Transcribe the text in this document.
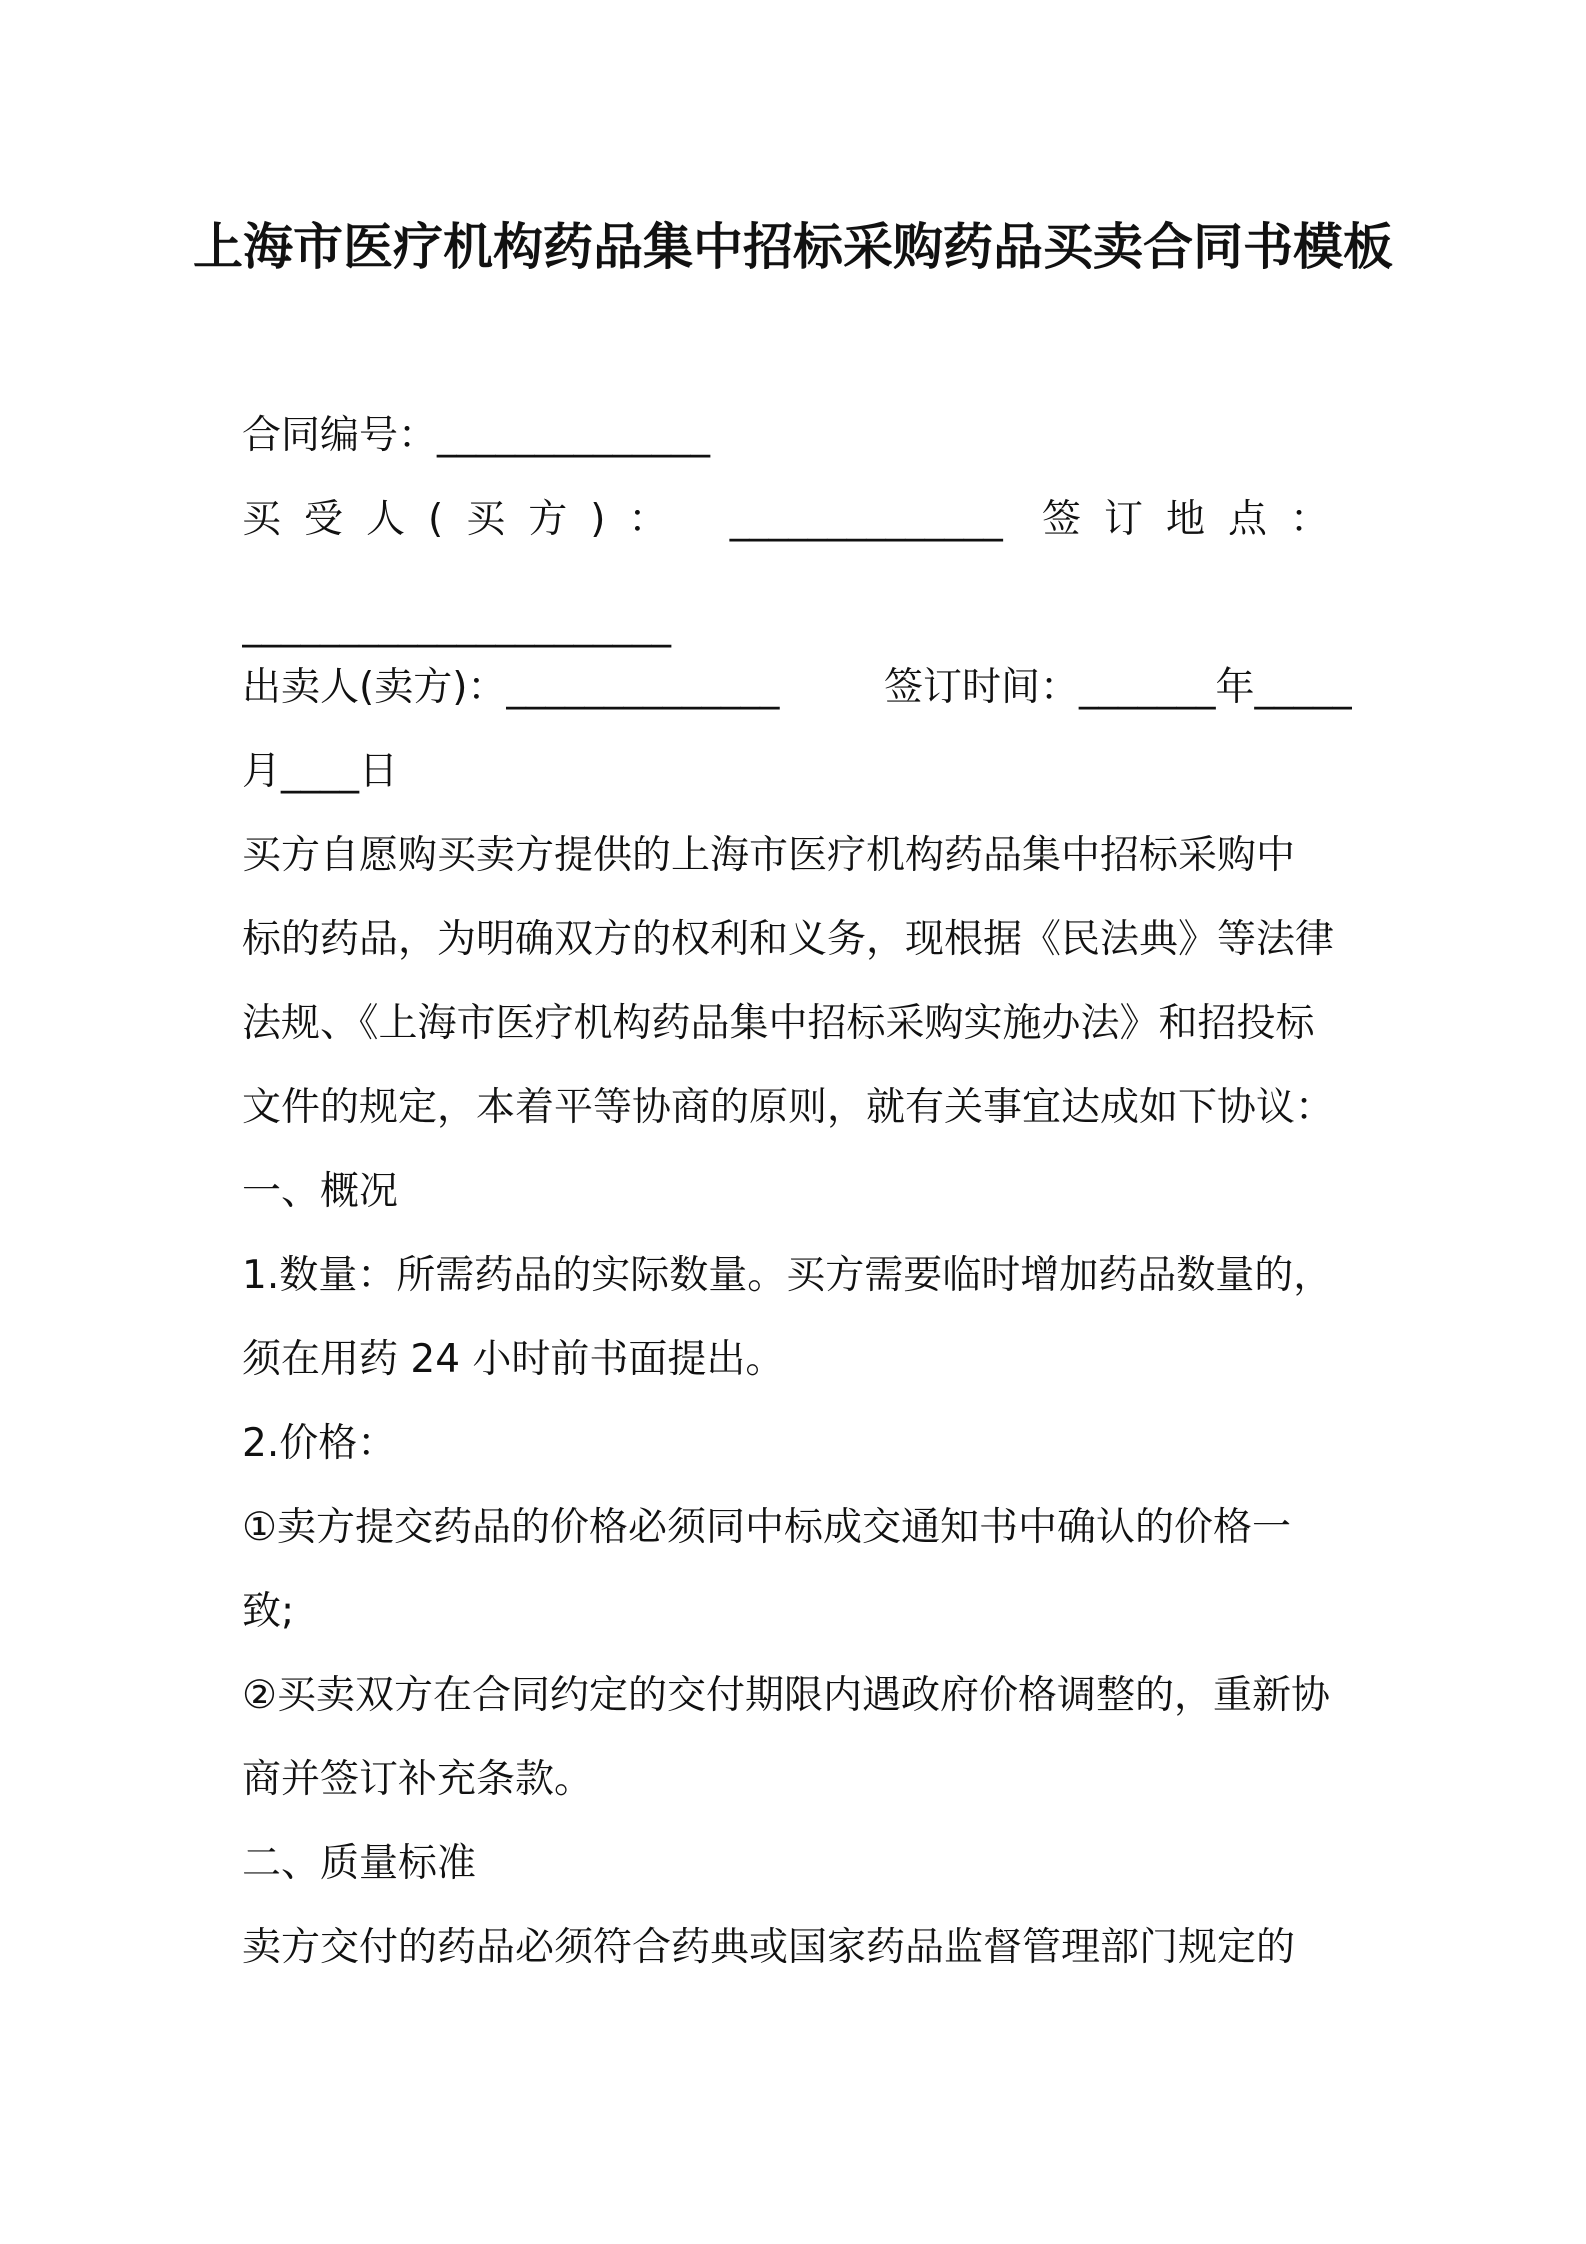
上海市医疗机构药品集中招标采购药品买卖合同书模板
合同编号：______________
买受人(买方)： ______________ 签订地点：
______________________
出卖人(卖方)：______________	签订时间：_______年_____
月____日
买方自愿购买卖方提供的上海市医疗机构药品集中招标采购中
标的药品，为明确双方的权利和义务，现根据《民法典》等法律
法规、《上海市医疗机构药品集中招标采购实施办法》和招投标
文件的规定，本着平等协商的原则，就有关事宜达成如下协议：
一、概况
1.数量：所需药品的实际数量。买方需要临时增加药品数量的，
须在用药 24 小时前书面提出。
2.价格：
①卖方提交药品的价格必须同中标成交通知书中确认的价格一
致;
②买卖双方在合同约定的交付期限内遇政府价格调整的，重新协
商并签订补充条款。
二、质量标准
卖方交付的药品必须符合药典或国家药品监督管理部门规定的
